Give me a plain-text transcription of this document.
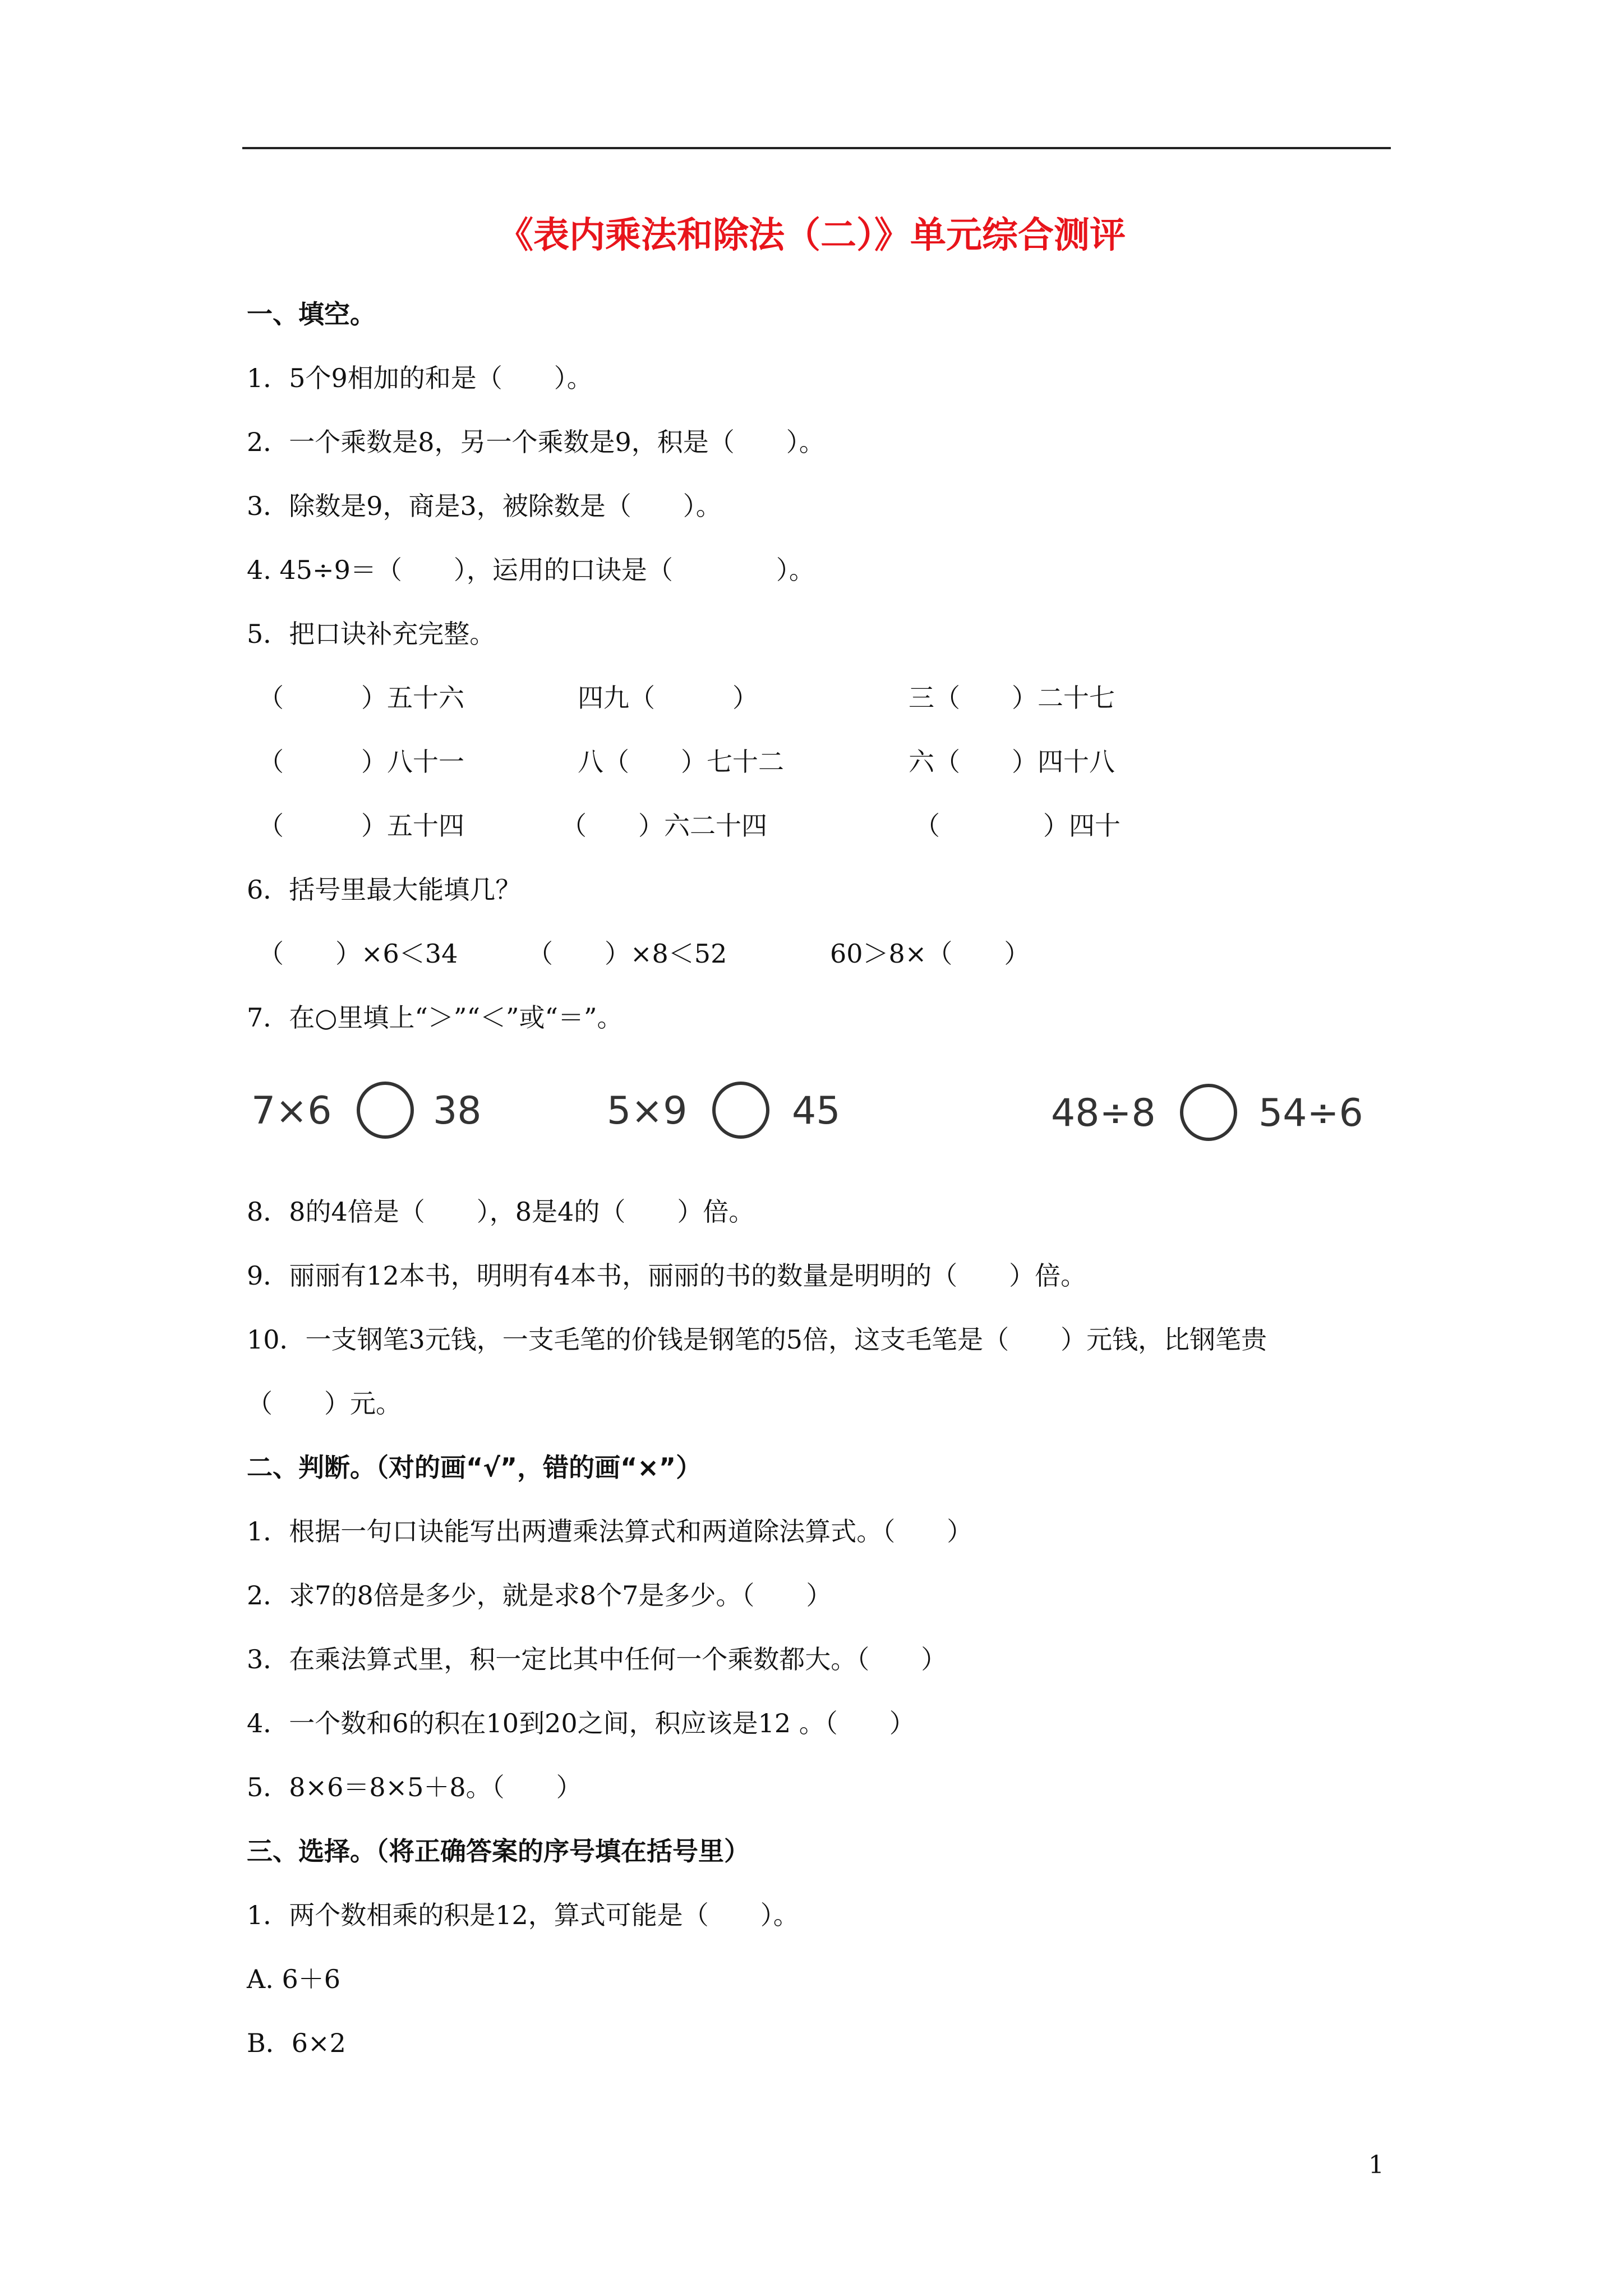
《表内乘法和除法（二）》单元综合测评
一、填空。
1．5个9相加的和是（　　）。
2．一个乘数是8，另一个乘数是9，积是（　　）。
3．除数是9，商是3，被除数是（　　）。
4. 45÷9＝（　　），运用的口诀是（　　　　）。
5．把口诀补充完整。
（　　　）五十六	四九（　　　）	三（　　）二十七
（　　　）八十一	八（　　）七十二	六（　　）四十八
（　　　）五十四	（　　）六二十四	（　　　　）四十
6．括号里最大能填几？
（　　）×6＜34	（　　）×8＜52	60＞8×（　　）
7．在○里填上“＞”“＜”或“＝”。
7×6	38	5×9	45	48÷8	54÷6
8．8的4倍是（　　），8是4的（　　）倍。
9．丽丽有12本书，明明有4本书，丽丽的书的数量是明明的（　　）倍。
10．一支钢笔3元钱，一支毛笔的价钱是钢笔的5倍，这支毛笔是（　　）元钱，比钢笔贵
（　　）元。
二、判断。（对的画“√”，错的画“×”）
1．根据一句口诀能写出两遭乘法算式和两道除法算式。（　　）
2．求7的8倍是多少，就是求8个7是多少。（　　）
3．在乘法算式里，积一定比其中任何一个乘数都大。（　　）
4．一个数和6的积在10到20之间，积应该是12 。（　　）
5．8×6＝8×5＋8。（　　）
三、选择。（将正确答案的序号填在括号里）
1．两个数相乘的积是12，算式可能是（　　）。
A. 6＋6
B．6×2
1
